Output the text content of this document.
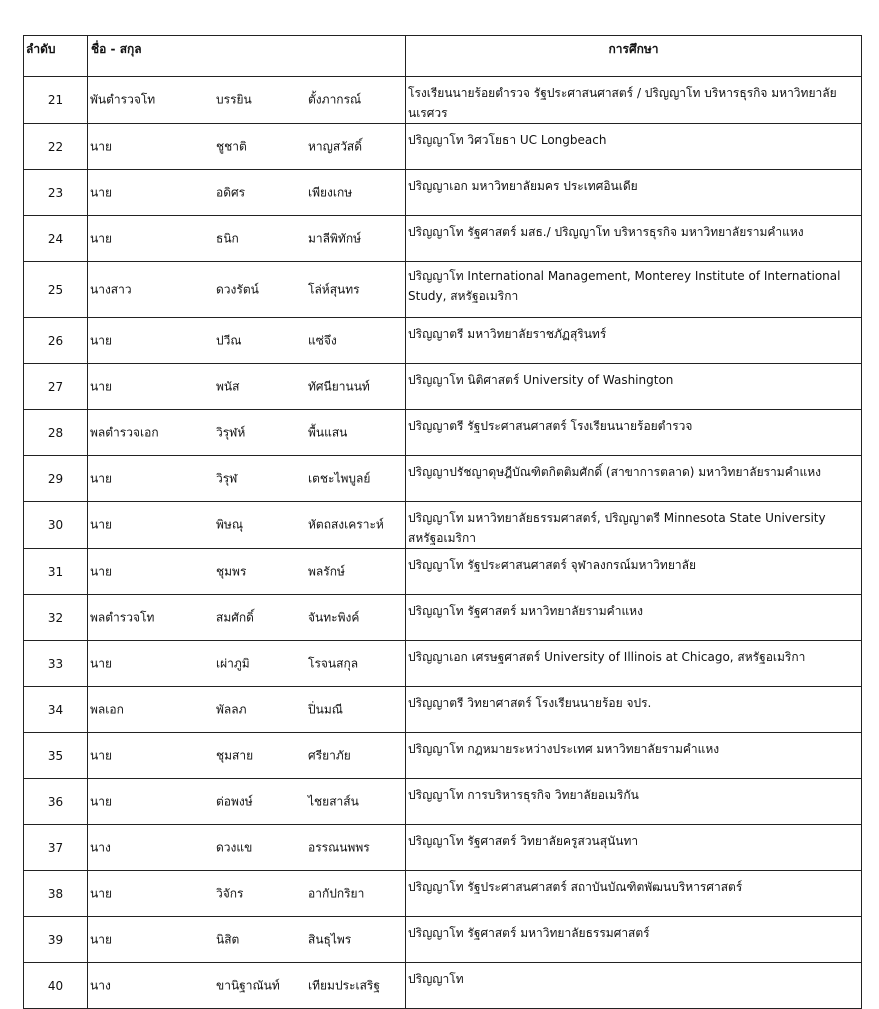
ลำดับ	ชื่อ - สกุล	การศึกษา
21	พันตำรวจโท บรรยิน ตั้งภากรณ์	โรงเรียนนายร้อยตำรวจ รัฐประศาสนศาสตร์ / ปริญญาโท บริหารธุรกิจ มหาวิทยาลัยนเรศวร
22	นาย ชูชาติ หาญสวัสดิ์	ปริญญาโท วิศวโยธา UC Longbeach
23	นาย อดิศร เพียงเกษ	ปริญญาเอก มหาวิทยาลัยมคร ประเทศอินเดีย
24	นาย ธนิก มาลีพิทักษ์	ปริญญาโท รัฐศาสตร์ มสธ./ ปริญญาโท บริหารธุรกิจ มหาวิทยาลัยรามคำแหง
25	นางสาว ดวงรัตน์ โล่ห์สุนทร	ปริญญาโท International Management, Monterey Institute of International Study, สหรัฐอเมริกา
26	นาย ปวีณ แซ่จึง	ปริญญาตรี มหาวิทยาลัยราชภัฏสุรินทร์
27	นาย พนัส ทัศนียานนท์	ปริญญาโท นิติศาสตร์ University of Washington
28	พลตำรวจเอก วิรุฬห์ พื้นแสน	ปริญญาตรี รัฐประศาสนศาสตร์ โรงเรียนนายร้อยตำรวจ
29	นาย วิรุฬ เตชะไพบูลย์	ปริญญาปรัชญาดุษฎีบัณฑิตกิตติมศักดิ์ (สาขาการตลาด) มหาวิทยาลัยรามคำแหง
30	นาย พิษณุ หัตถสงเคราะห์	ปริญญาโท มหาวิทยาลัยธรรมศาสตร์, ปริญญาตรี Minnesota State University สหรัฐอเมริกา
31	นาย ชุมพร พลรักษ์	ปริญญาโท รัฐประศาสนศาสตร์ จุฬาลงกรณ์มหาวิทยาลัย
32	พลตำรวจโท สมศักดิ์ จันทะพิงค์	ปริญญาโท รัฐศาสตร์ มหาวิทยาลัยรามคำแหง
33	นาย เผ่าภูมิ โรจนสกุล	ปริญญาเอก เศรษฐศาสตร์ University of Illinois at Chicago, สหรัฐอเมริกา
34	พลเอก พัลลภ ปิ่นมณี	ปริญญาตรี วิทยาศาสตร์ โรงเรียนนายร้อย จปร.
35	นาย ชุมสาย ศรียาภัย	ปริญญาโท กฎหมายระหว่างประเทศ มหาวิทยาลัยรามคำแหง
36	นาย ต่อพงษ์ ไชยสาส์น	ปริญญาโท การบริหารธุรกิจ วิทยาลัยอเมริกัน
37	นาง ดวงแข อรรณนพพร	ปริญญาโท รัฐศาสตร์ วิทยาลัยครูสวนสุนันทา
38	นาย วิจักร อากัปกริยา	ปริญญาโท รัฐประศาสนศาสตร์ สถาบันบัณฑิตพัฒนบริหารศาสตร์
39	นาย นิสิต สินธุไพร	ปริญญาโท รัฐศาสตร์ มหาวิทยาลัยธรรมศาสตร์
40	นาง ขานิฐาณันท์ เทียมประเสริฐ	ปริญญาโท
